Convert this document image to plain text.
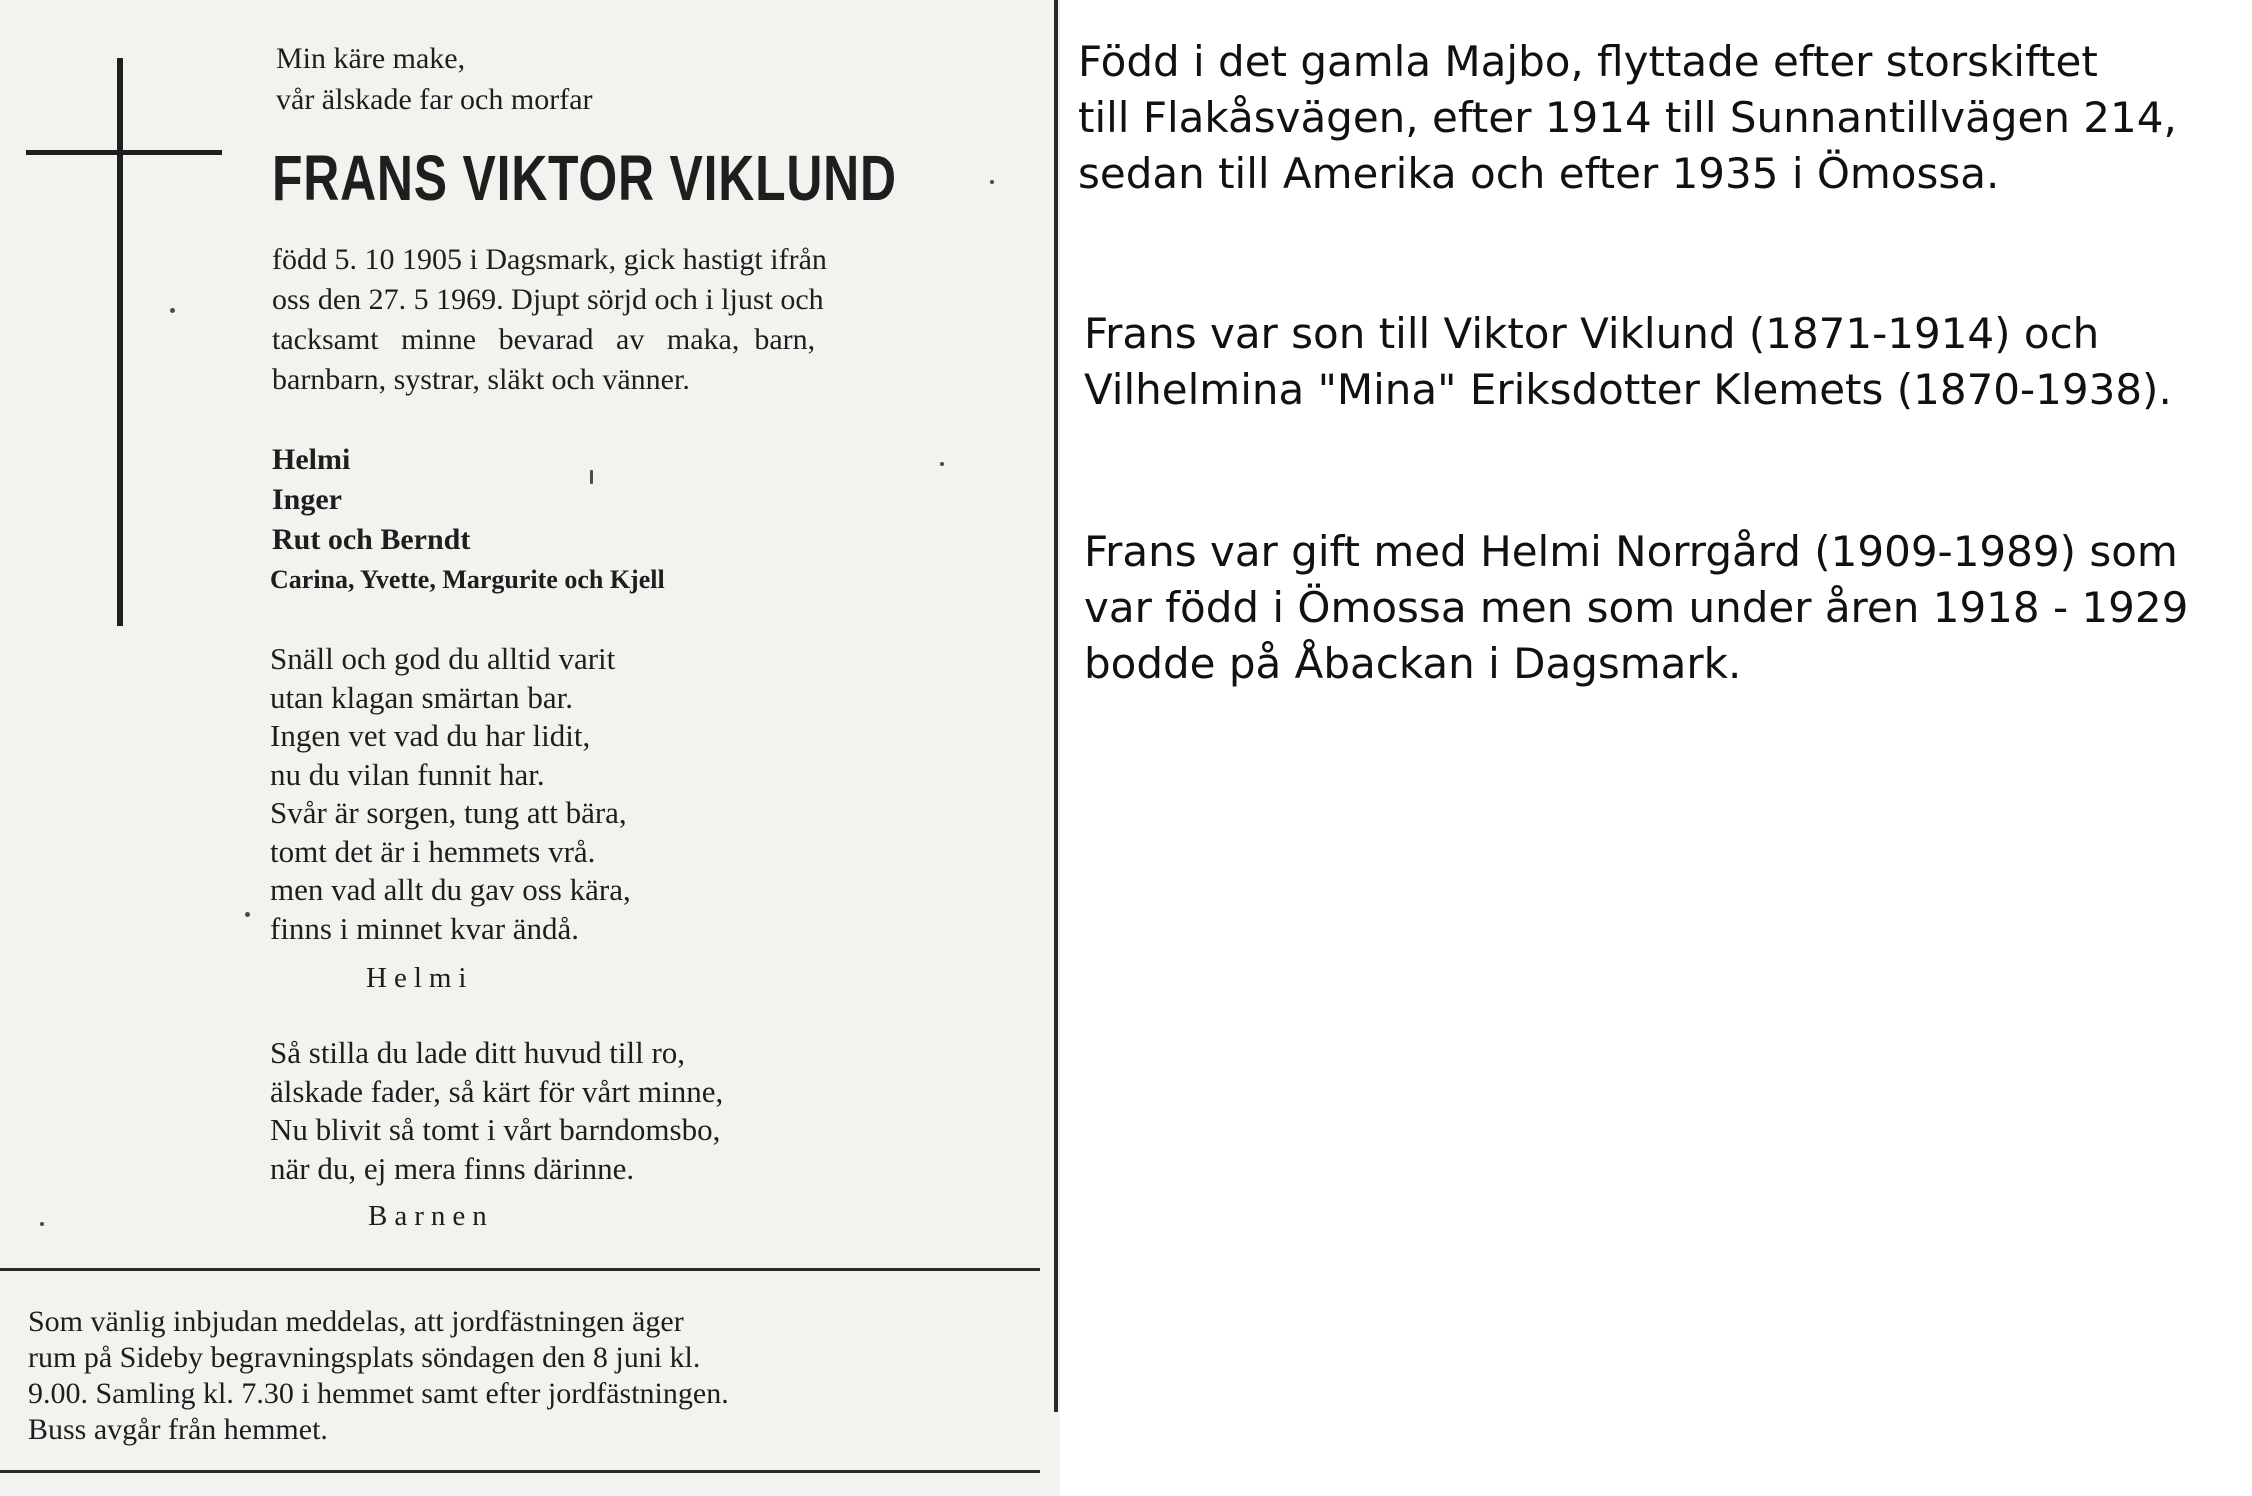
Min käre make,
vår älskade far och morfar
FRANS VIKTOR VIKLUND
född 5. 10 1905 i Dagsmark, gick hastigt ifrån
oss den 27. 5 1969. Djupt sörjd och i ljust och
tacksamt   minne   bevarad   av   maka,  barn,
barnbarn, systrar, släkt och vänner.
Helmi
Inger
Rut och Berndt
Carina, Yvette, Margurite och Kjell
Snäll och god du alltid varit
utan klagan smärtan bar.
Ingen vet vad du har lidit,
nu du vilan funnit har.
Svår är sorgen, tung att bära,
tomt det är i hemmets vrå.
men vad allt du gav oss kära,
finns i minnet kvar ändå.
Helmi
Så stilla du lade ditt huvud till ro,
älskade fader, så kärt för vårt minne,
Nu blivit så tomt i vårt barndomsbo,
när du, ej mera finns därinne.
Barnen
Som vänlig inbjudan meddelas, att jordfästningen äger
rum på Sideby begravningsplats söndagen den 8 juni kl.
9.00. Samling kl. 7.30 i hemmet samt efter jordfästningen.
Buss avgår från hemmet.
Född i det gamla Majbo, flyttade efter storskiftet
till Flakåsvägen, efter 1914 till Sunnantillvägen 214,
sedan till Amerika och efter 1935 i Ömossa.
Frans var son till Viktor Viklund (1871-1914) och
Vilhelmina "Mina" Eriksdotter Klemets (1870-1938).
Frans var gift med Helmi Norrgård (1909-1989) som
var född i Ömossa men som under åren 1918 - 1929
bodde på Åbackan i Dagsmark.
